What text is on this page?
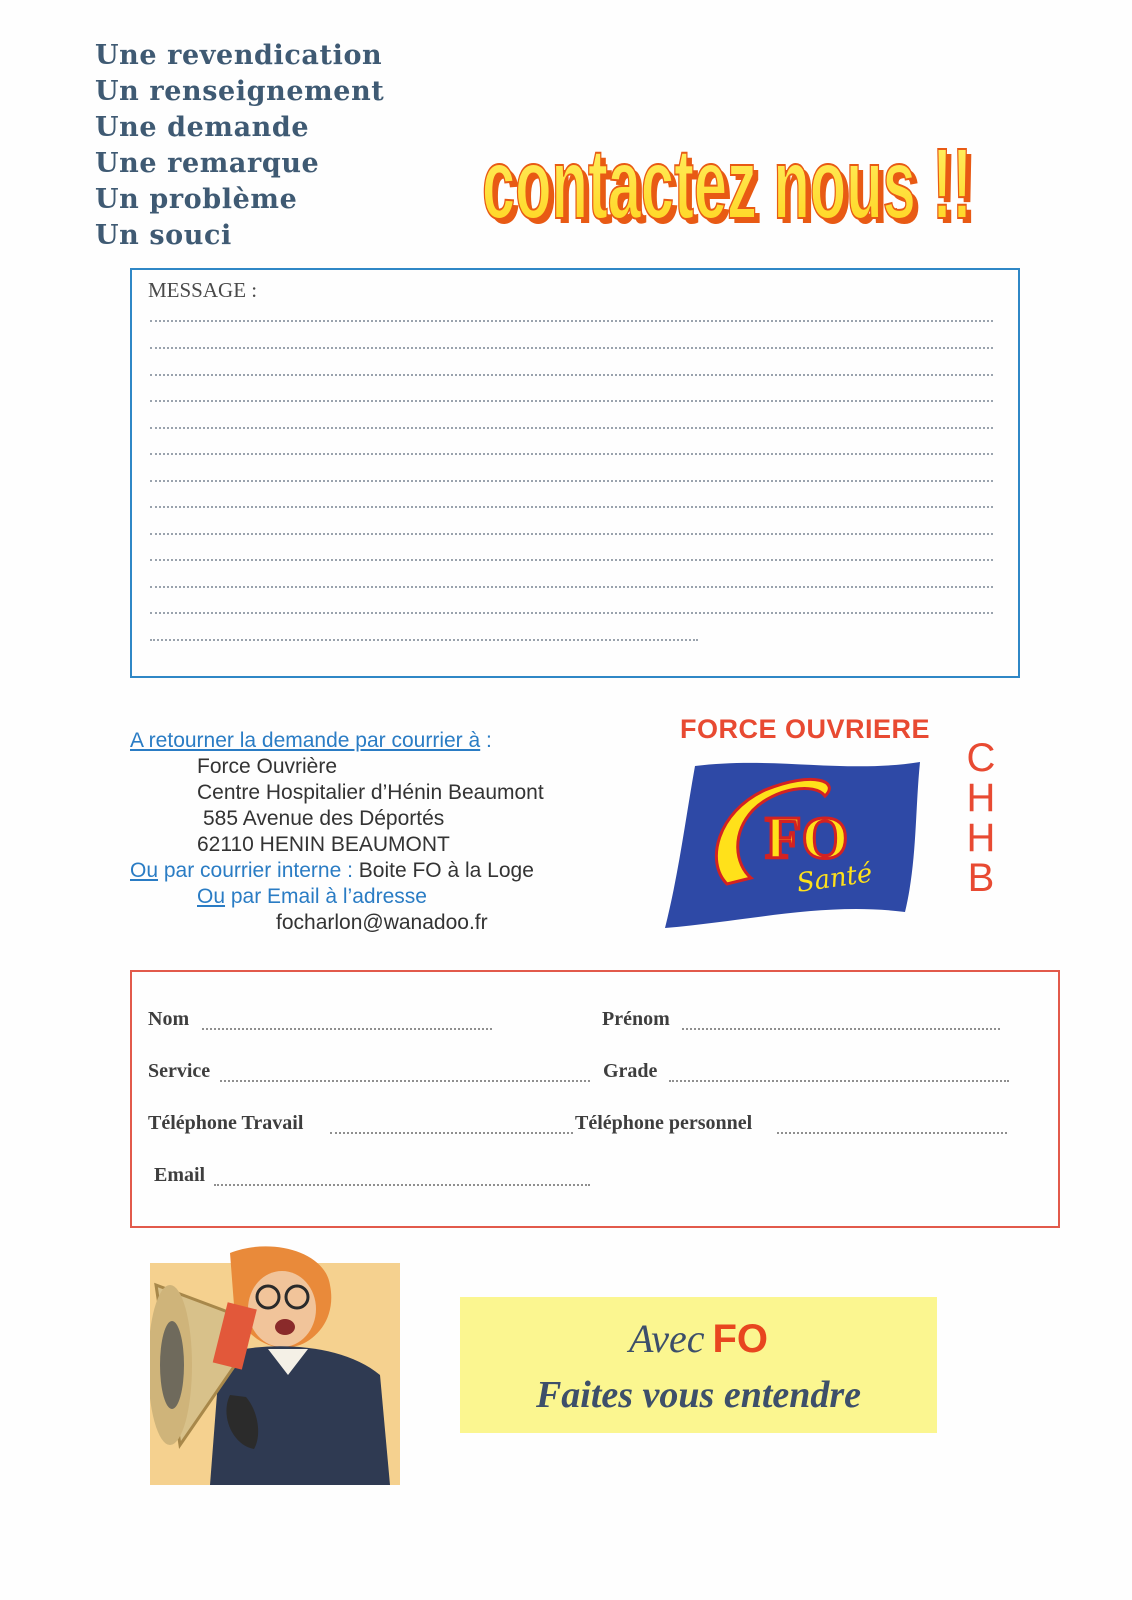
Une revendication
Un renseignement
Une demande
Une remarque
Un problème
Un souci	contactez nous !!
contactez nous !!
MESSAGE :
A retourner la demande par courrier à :
Force Ouvrière
Centre Hospitalier d’Hénin Beaumont
585 Avenue des Déportés
62110 HENIN BEAUMONT
Ou par courrier interne : Boite FO à la Loge
Ou par Email à l’adresse
focharlon@wanadoo.fr
FORCE OUVRIERE
FO
Santé
C
H
H
B
Nom	Prénom
Service	Grade
Téléphone Travail	Téléphone personnel
Email
Avec FO
Faites vous entendre
